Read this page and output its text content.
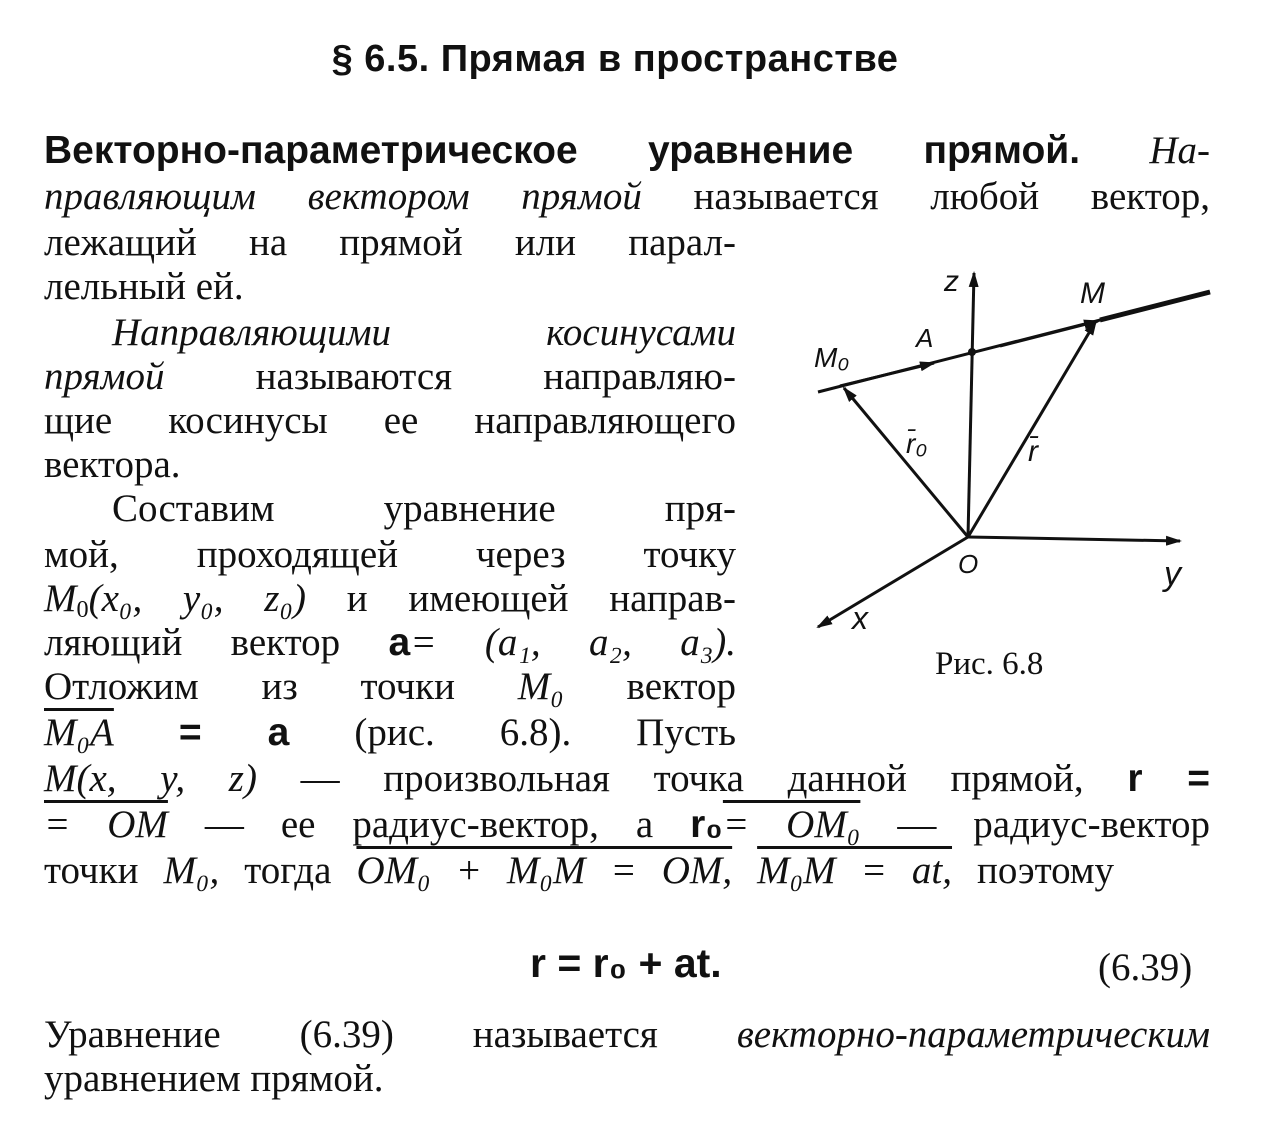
§ 6.5. Прямая в пространстве
Векторно-параметрическое уравнение прямой. На-
правляющим вектором прямой называется любой вектор,
лежащий на прямой или парал-
лельный ей.
Направляющими косинусами
прямой называются направляю-
щие косинусы ее направляющего
вектора.
Составим уравнение пря-
мой, проходящей через точку
$M_0(x_0$, y₀, z₀) и имеющей направ-
ляющий вектор a= (a₁, a₂, a₃).
Отложим из точки M₀ вектор
M₀A = a (рис. 6.8). Пусть
M(x, y, z) — произвольная точка данной прямой, r =
= OM — ее радиус-вектор, а r₀= OM₀ — радиус-вектор
точки M₀, тогда OM₀ + M₀M = OM, M₀M = at, поэтому
r = r₀ + at.	(6.39)
Уравнение (6.39) называется векторно-параметрическим
уравнением прямой.
z
y
x
O
M
M₀
A
r̄
r̄₀
Рис. 6.8
